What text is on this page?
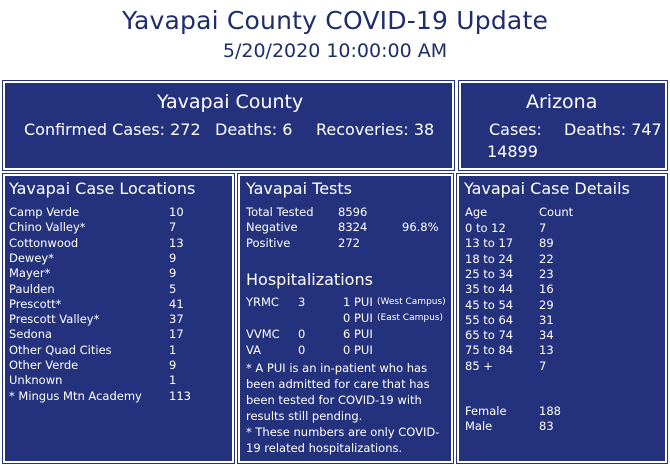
Yavapai County COVID-19 Update
5/20/2020 10:00:00 AM
Yavapai County
Confirmed Cases: 272 Deaths: 6 Recoveries: 38
Arizona
Cases: Deaths: 747
14899
Yavapai Case Locations
Camp Verde	10
Chino Valley*	7
Cottonwood	13
Dewey*	9
Mayer*	9
Paulden	5
Prescott*	41
Prescott Valley*	37
Sedona	17
Other Quad Cities	1
Other Verde	9
Unknown	1
* Mingus Mtn Academy 113
Yavapai Tests
Total Tested 8596
Negative	8324	96.8%
Positive	272
Hospitalizations
YRMC 3	1 PUI (West Campus)
0 PUI (East Campus)
VVMC 0	6 PUI
VA	0	0 PUI
* A PUI is an in-patient who has been admitted for care that has been tested for COVID-19 with results still pending.
* These numbers are only COVID-19 related hospitalizations.
Yavapai Case Details
Age	Count
0 to 12	7
13 to 17 89
18 to 24 22
25 to 34 23
35 to 44 16
45 to 54 29
55 to 64 31
65 to 74 34
75 to 84 13
85 +	7
Female	188
Male	83
